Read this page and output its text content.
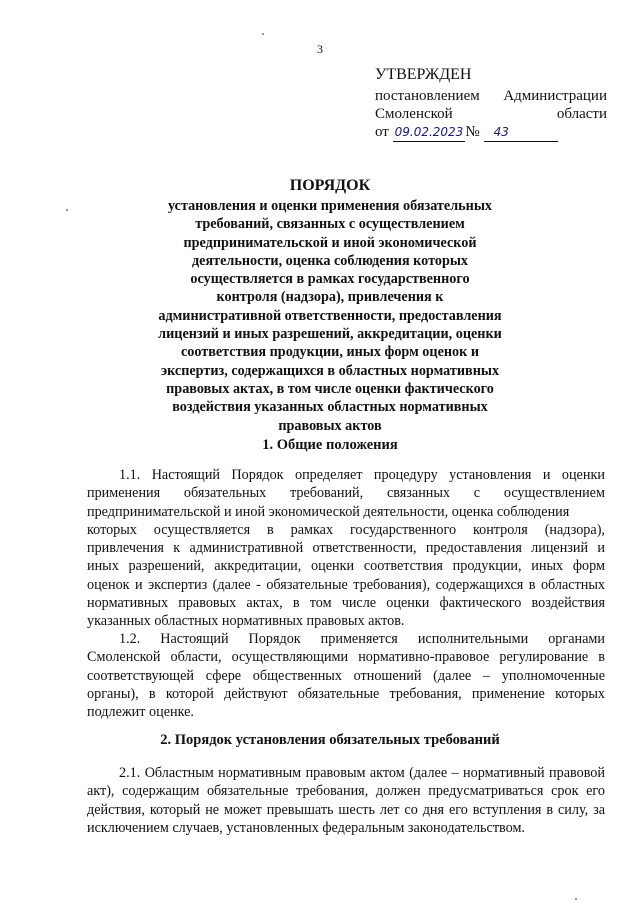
3
УТВЕРЖДЕН
постановлением Администрации
Смоленской	области
от
09.02.2023 №	43
ПОРЯДОК
установления и оценки применения обязательных
требований, связанных с осуществлением
предпринимательской и иной экономической
деятельности, оценка соблюдения которых
осуществляется в рамках государственного
контроля (надзора), привлечения к
административной ответственности, предоставления
лицензий и иных разрешений, аккредитации, оценки
соответствия продукции, иных форм оценок и
экспертиз, содержащихся в областных нормативных
правовых актах, в том числе оценки фактического
воздействия указанных областных нормативных
правовых актов
1. Общие положения
1.1. Настоящий Порядок определяет процедуру установления и оценки
применения обязательных требований, связанных с осуществлением
предпринимательской и иной экономической деятельности, оценка соблюдения
которых осуществляется в рамках государственного контроля (надзора),
привлечения к административной ответственности, предоставления лицензий и иных разрешений, аккредитации, оценки соответствия продукции, иных форм оценок и экспертиз (далее - обязательные требования), содержащихся в областных нормативных правовых актах, в том числе оценки фактического воздействия указанных областных нормативных правовых актов.
1.2. Настоящий Порядок применяется исполнительными органами
Смоленской области, осуществляющими нормативно-правовое регулирование в соответствующей сфере общественных отношений (далее – уполномоченные органы), в которой действуют обязательные требования, применение которых подлежит оценке.
2. Порядок установления обязательных требований
2.1. Областным нормативным правовым актом (далее – нормативный правовой акт), содержащим обязательные требования, должен предусматриваться срок его действия, который не может превышать шесть лет со дня его вступления в силу, за исключением случаев, установленных федеральным законодательством.
